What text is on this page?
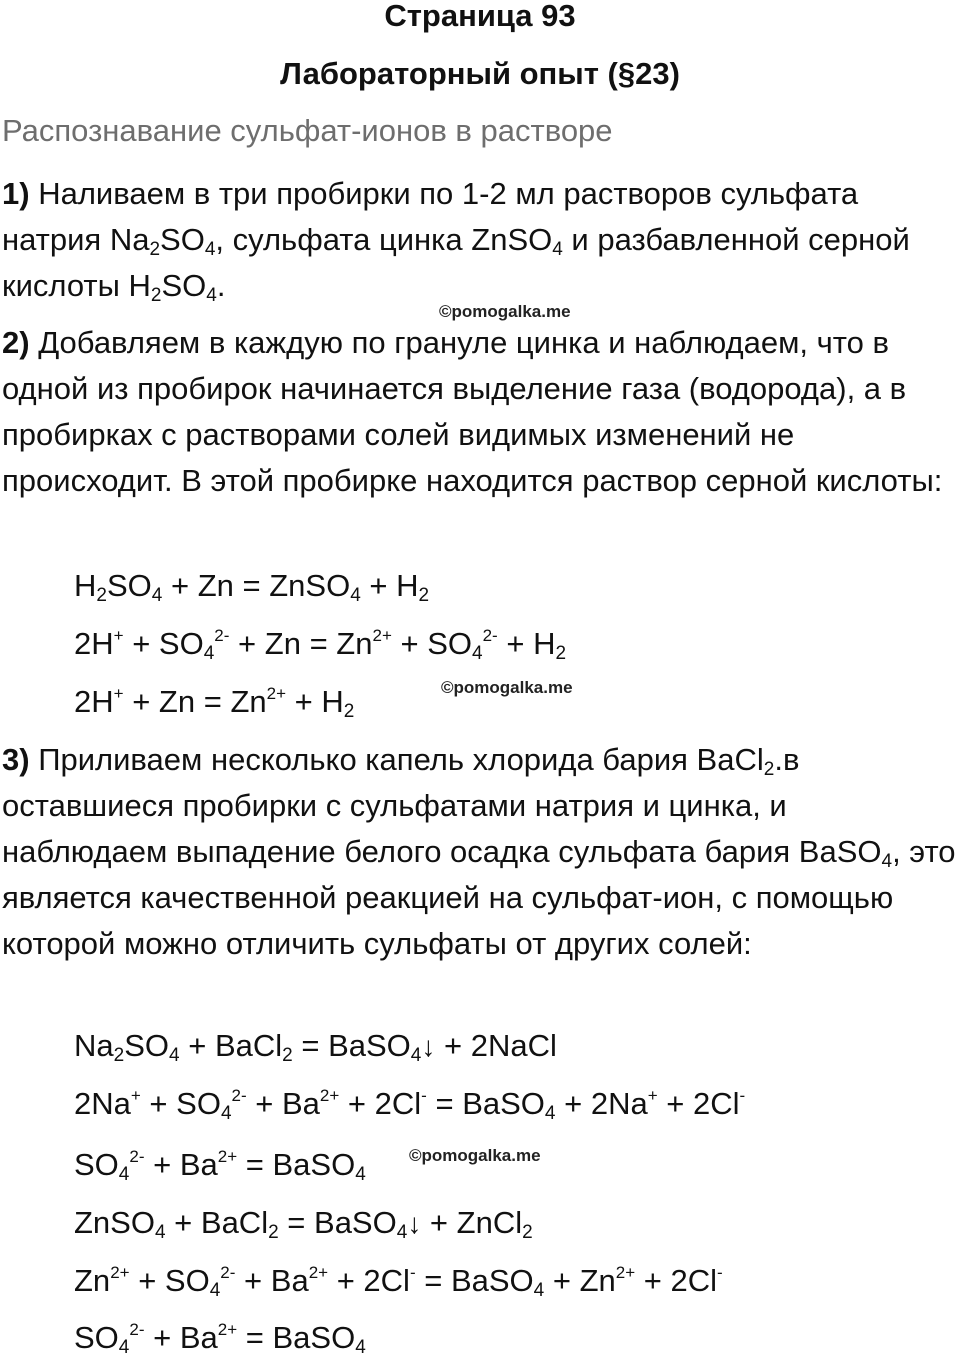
Страница 93
Лабораторный опыт (§23)
Распознавание сульфат-ионов в растворе
1) Наливаем в три пробирки по 1-2 мл растворов сульфата натрия $Na_2SO_4$, сульфата цинка ZnSO$_4$ и разбавленной серной кислоты $H_2SO_4$.
©pomogalka.me
2) Добавляем в каждую по грануле цинка и наблюдаем, что в одной из пробирок начинается выделение газа (водорода), а в пробирках с растворами солей видимых изменений не происходит. В этой пробирке находится раствор серной кислоты:
$H_2SO_4 + Zn$ = ZnSO$_4$ + $H_2$
$2H^+ + SO_4^{2-} + Zn = Zn^{2+} + SO_4^{2-} + H_2$
$2H^+ + Zn = Zn^{2+} + H_2$
©pomogalka.me
3) Приливаем несколько капель хлорида бария BaCl$_2$.в оставшиеся пробирки с сульфатами натрия и цинка, и наблюдаем выпадение белого осадка сульфата бария BaSO$_4$, это является качественной реакцией на сульфат-ион, с помощью которой можно отличить сульфаты от других солей:
$Na_2SO_4$ + BaCl$_2$ = BaSO$_4$↓ + 2NaCl
$2Na^+ + SO_4^{2-} + Ba^{2+} + 2Cl^-$ = BaSO$_4$ + 2Na+ + 2Cl-
$SO_4^{2-} + Ba^{2+}$ = BaSO$_4$
©pomogalka.me
ZnSO$_4$ + BaCl$_2$ = BaSO$_4$↓ + ZnCl$_2$
$Zn^{2+} + SO_4^{2-} + Ba^{2+} + 2Cl^-$ = BaSO$_4$ + $Zn^{2+} + 2Cl^-$
$SO_4^{2-} + Ba^{2+}$ = BaSO$_4$
